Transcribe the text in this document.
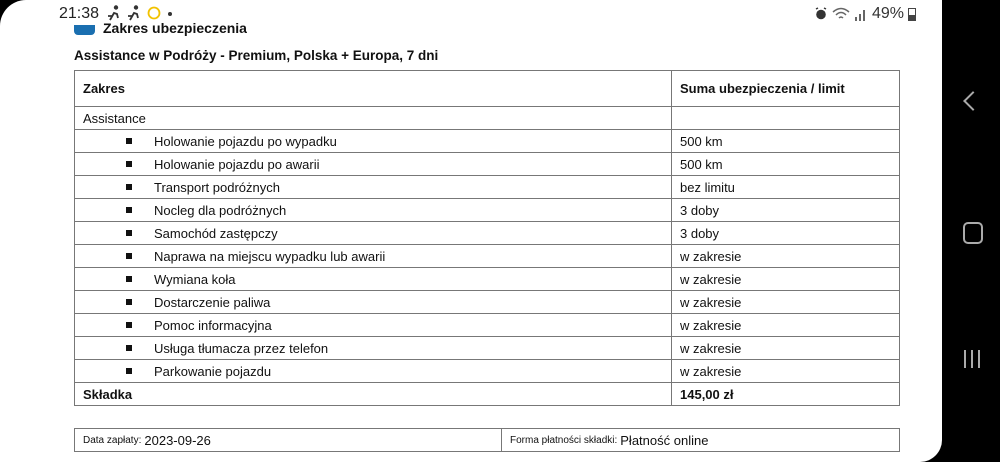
21:38	49%
Zakres ubezpieczenia
Assistance w Podróży - Premium, Polska + Europa, 7 dni
Zakres	Suma ubezpieczenia / limit
Assistance	
Holowanie pojazdu po wypadku	500 km
Holowanie pojazdu po awarii	500 km
Transport podróżnych	bez limitu
Nocleg dla podróżnych	3 doby
Samochód zastępczy	3 doby
Naprawa na miejscu wypadku lub awarii	w zakresie
Wymiana koła	w zakresie
Dostarczenie paliwa	w zakresie
Pomoc informacyjna	w zakresie
Usługa tłumacza przez telefon	w zakresie
Parkowanie pojazdu	w zakresie
Składka	145,00 zł
Data zapłaty: 2023-09-26	Forma płatności składki: Płatność online
